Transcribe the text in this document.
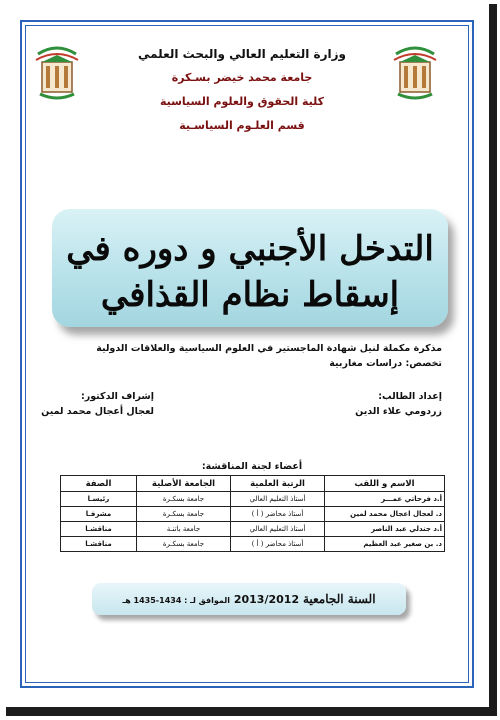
وزارة التعليم العالي والبحث العلمي
جامعة محمد خيضر بسـكرة
كلية الحقوق والعلوم السياسية
قسم العلـوم السياسـية
التدخل الأجنبي و دوره في
إسقاط نظام القذافي
مذكرة مكملة لنيل شهادة الماجستير في العلوم السياسية والعلاقات الدولية
تخصص: دراسات مغاربية
إعداد الطالب:
زردومي علاء الدين
إشراف الدكتور:
لعجال أعجال محمد لمين
أعضاء لجنة المناقشة:
الاسم و اللقب	الرتبة العلمية	الجامعة الأصلية	الصفة
أ.د فرحاتي عمـــر	أستاذ التعليم العالي	جامعة بسكـرة	رئيسـا
د. لعجال اعجال محمد لمين	أستاذ محاضر ( أ )	جامعة بسكـرة	مشرفـا
أ.د جندلي عبد الناصر	أستاذ التعليم العالي	جامعة باتنـة	مناقشـا
د. بن صغير عبد العظيم	أستاذ محاضر ( أ )	جامعة بسكـرة	مناقشـا
السنة الجامعية 2013/2012 الموافق لـ : 1434-1435 هـ
